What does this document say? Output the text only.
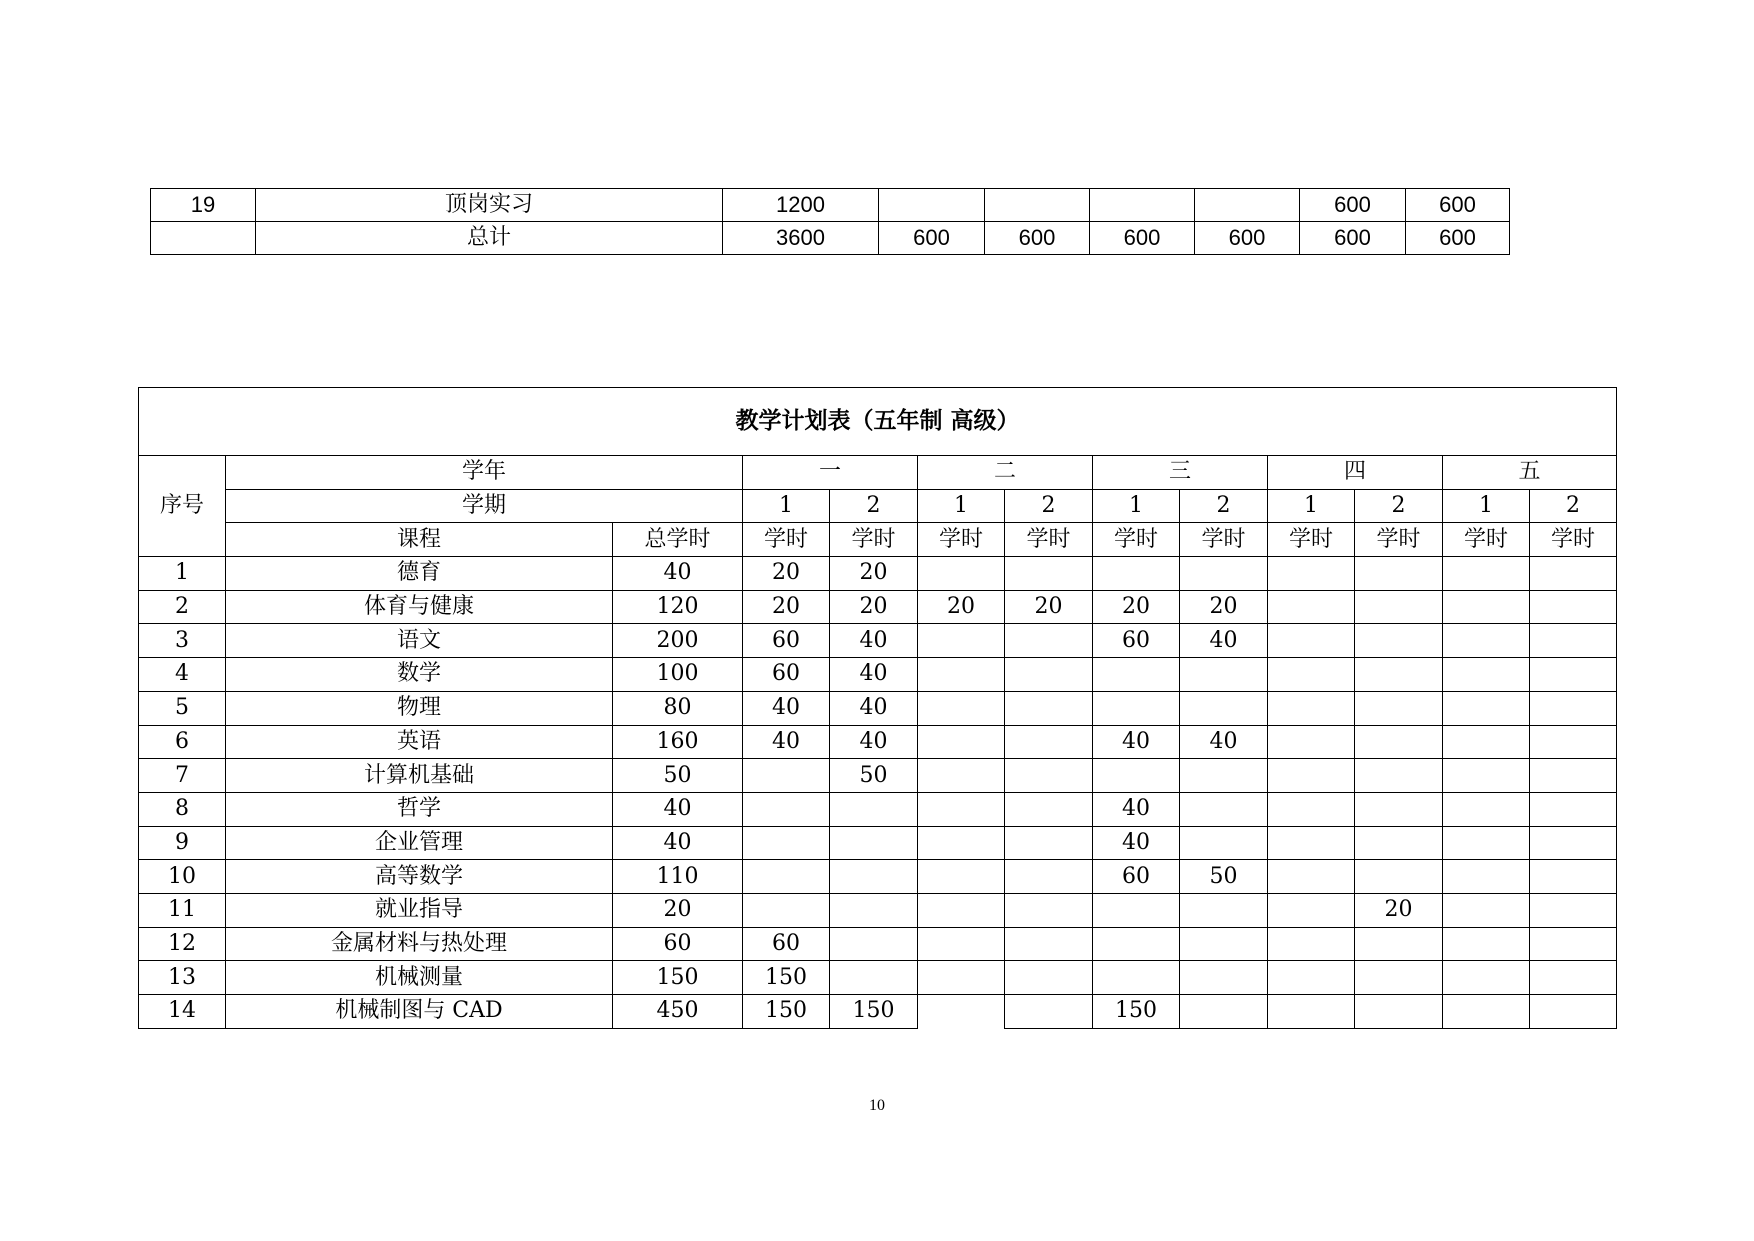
19	顶岗实习	1200					600	600
	总计	3600	600	600	600	600	600	600
教学计划表（五年制 高级）												
序号	学年		一		二		三		四		五	
	学期		1	2	1	2	1	2	1	2	1	2
	课程	总学时	学时	学时	学时	学时	学时	学时	学时	学时	学时	学时
1	德育	40	20	20								
2	体育与健康	120	20	20	20	20	20	20				
3	语文	200	60	40			60	40				
4	数学	100	60	40								
5	物理	80	40	40								
6	英语	160	40	40			40	40				
7	计算机基础	50		50								
8	哲学	40					40					
9	企业管理	40					40					
10	高等数学	110					60	50				
11	就业指导	20								20		
12	金属材料与热处理	60	60									
13	机械测量	150	150									
14	机械制图与 CAD	450	150	150			150					
10
